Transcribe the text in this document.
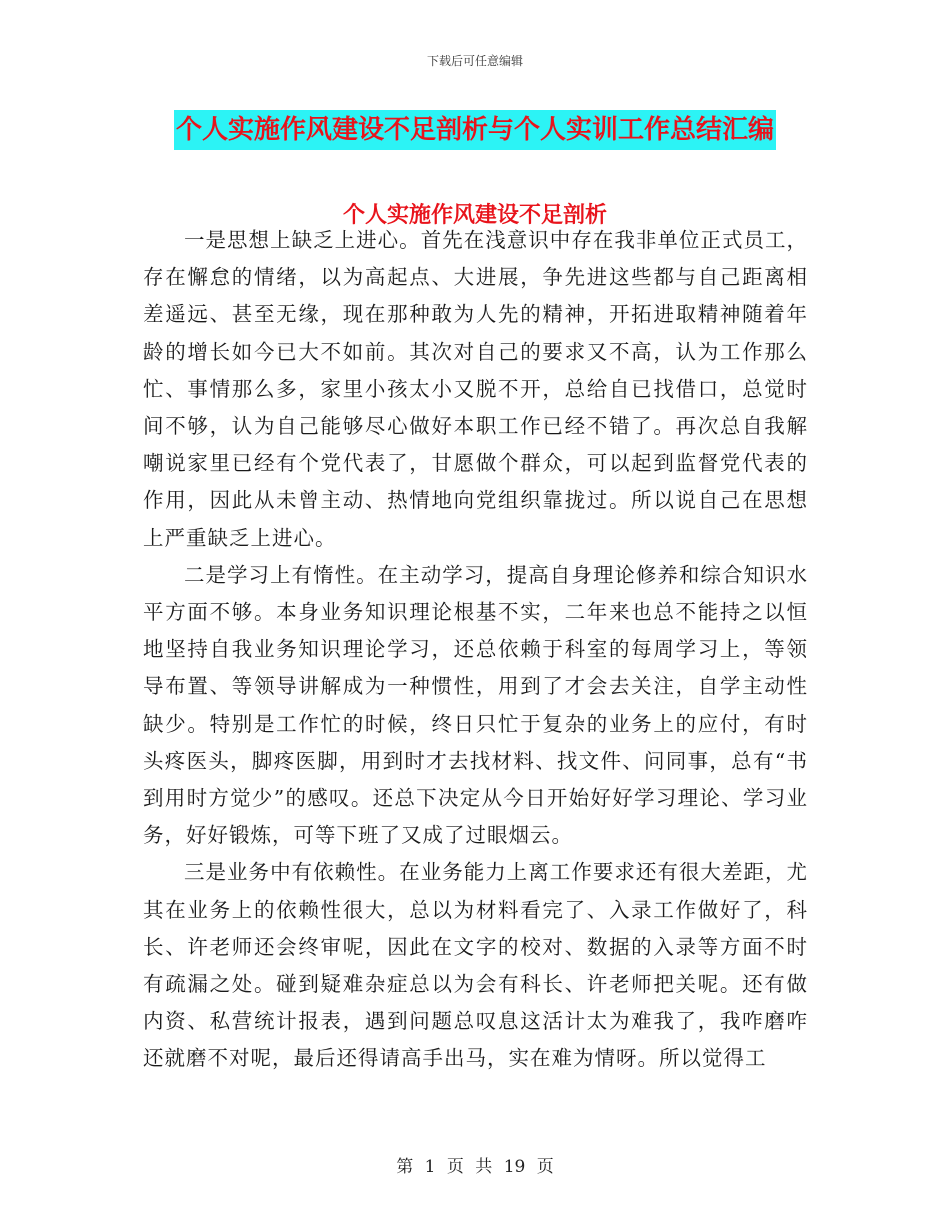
下载后可任意编辑
个人实施作风建设不足剖析与个人实训工作总结汇编
个人实施作风建设不足剖析

一是思想上缺乏上进心。首先在浅意识中存在我非单位正式员工，存在懈怠的情绪，以为高起点、大进展，争先进这些都与自己距离相差遥远、甚至无缘，现在那种敢为人先的精神，开拓进取精神随着年龄的增长如今已大不如前。其次对自己的要求又不高，认为工作那么忙、事情那么多，家里小孩太小又脱不开，总给自已找借口，总觉时间不够，认为自己能够尽心做好本职工作已经不错了。再次总自我解嘲说家里已经有个党代表了，甘愿做个群众，可以起到监督党代表的作用，因此从未曾主动、热情地向党组织靠拢过。所以说自己在思想上严重缺乏上进心。

二是学习上有惰性。在主动学习，提高自身理论修养和综合知识水平方面不够。本身业务知识理论根基不实，二年来也总不能持之以恒地坚持自我业务知识理论学习，还总依赖于科室的每周学习上，等领导布置、等领导讲解成为一种惯性，用到了才会去关注，自学主动性缺少。特别是工作忙的时候，终日只忙于复杂的业务上的应付，有时头疼医头，脚疼医脚，用到时才去找材料、找文件、问同事，总有“书到用时方觉少”的感叹。还总下决定从今日开始好好学习理论、学习业务，好好锻炼，可等下班了又成了过眼烟云。

三是业务中有依赖性。在业务能力上离工作要求还有很大差距，尤其在业务上的依赖性很大，总以为材料看完了、入录工作做好了，科长、许老师还会终审呢，因此在文字的校对、数据的入录等方面不时有疏漏之处。碰到疑难杂症总以为会有科长、许老师把关呢。还有做内资、私营统计报表，遇到问题总叹息这活计太为难我了，我咋磨咋还就磨不对呢，最后还得请高手出马，实在难为情呀。所以觉得工

第 1 页 共 19 页
